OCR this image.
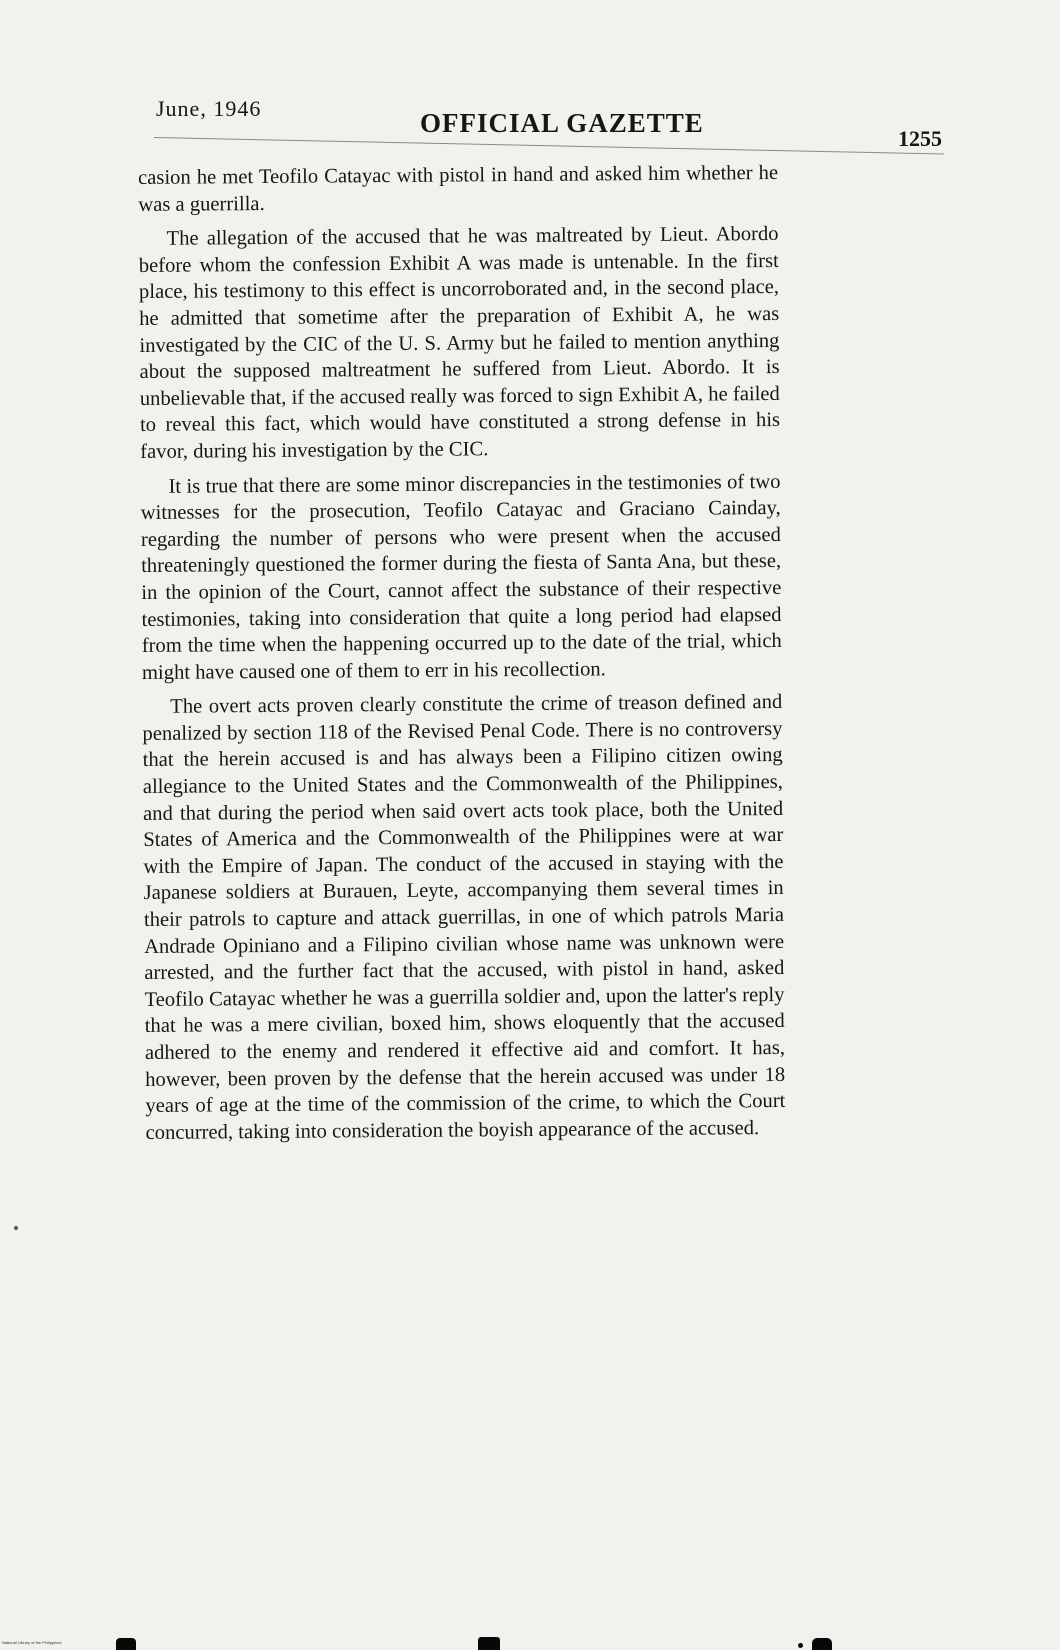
June, 1946	OFFICIAL GAZETTE
1255

casion he met Teofilo Catayac with pistol in hand and asked him whether he was a guerrilla.

The allegation of the accused that he was maltreated by Lieut. Abordo before whom the confession Exhibit A was made is untenable. In the first place, his testimony to this effect is uncorroborated and, in the second place, he admitted that sometime after the preparation of Exhibit A, he was investigated by the CIC of the U. S. Army but he failed to mention anything about the supposed maltreatment he suffered from Lieut. Abordo. It is unbelievable that, if the accused really was forced to sign Exhibit A, he failed to reveal this fact, which would have constituted a strong defense in his favor, during his investigation by the CIC.

It is true that there are some minor discrepancies in the testimonies of two witnesses for the prosecution, Teofilo Catayac and Graciano Cainday, regarding the number of persons who were present when the accused threateningly questioned the former during the fiesta of Santa Ana, but these, in the opinion of the Court, cannot affect the substance of their respective testimonies, taking into consideration that quite a long period had elapsed from the time when the happening occurred up to the date of the trial, which might have caused one of them to err in his recollection.

The overt acts proven clearly constitute the crime of treason defined and penalized by section 118 of the Revised Penal Code. There is no controversy that the herein accused is and has always been a Filipino citizen owing allegiance to the United States and the Commonwealth of the Philippines, and that during the period when said overt acts took place, both the United States of America and the Commonwealth of the Philippines were at war with the Empire of Japan. The conduct of the accused in staying with the Japanese soldiers at Burauen, Leyte, accompanying them several times in their patrols to capture and attack guerrillas, in one of which patrols Maria Andrade Opiniano and a Filipino civilian whose name was unknown were arrested, and the further fact that the accused, with pistol in hand, asked Teofilo Catayac whether he was a guerrilla soldier and, upon the latter's reply that he was a mere civilian, boxed him, shows eloquently that the accused adhered to the enemy and rendered it effective aid and comfort. It has, however, been proven by the defense that the herein accused was under 18 years of age at the time of the commission of the crime, to which the Court concurred, taking into consideration the boyish appearance of the accused.

National Library of the Philippines
